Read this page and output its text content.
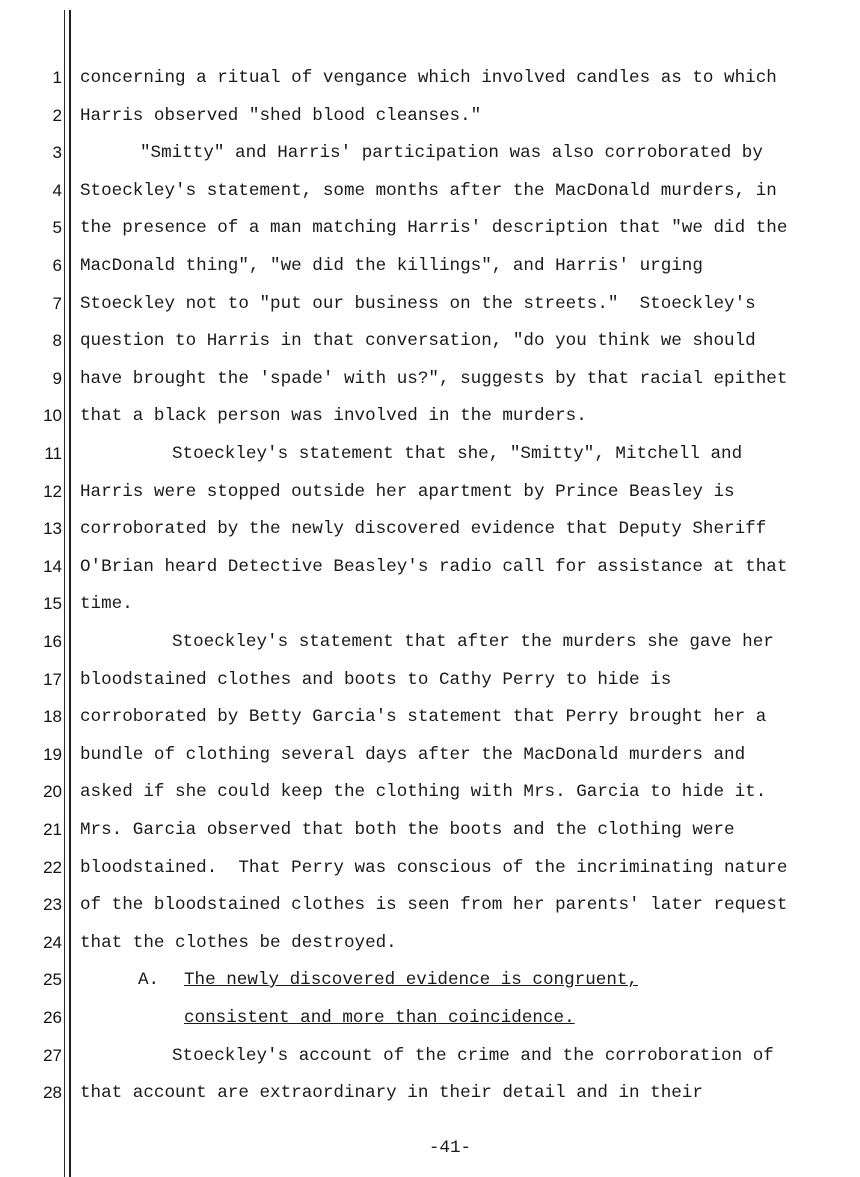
1
2
3
4
5
6
7
8
9
10
11
12
13
14
15
16
17
18
19
20
21
22
23
24
25
26
27
28
concerning a ritual of vengance which involved candles as to which
Harris observed "shed blood cleanses."
"Smitty" and Harris' participation was also corroborated by
Stoeckley's statement, some months after the MacDonald murders, in
the presence of a man matching Harris' description that "we did the
MacDonald thing", "we did the killings", and Harris' urging
Stoeckley not to "put our business on the streets."  Stoeckley's
question to Harris in that conversation, "do you think we should
have brought the 'spade' with us?", suggests by that racial epithet
that a black person was involved in the murders.
Stoeckley's statement that she, "Smitty", Mitchell and
Harris were stopped outside her apartment by Prince Beasley is
corroborated by the newly discovered evidence that Deputy Sheriff
O'Brian heard Detective Beasley's radio call for assistance at that
time.
Stoeckley's statement that after the murders she gave her
bloodstained clothes and boots to Cathy Perry to hide is
corroborated by Betty Garcia's statement that Perry brought her a
bundle of clothing several days after the MacDonald murders and
asked if she could keep the clothing with Mrs. Garcia to hide it.
Mrs. Garcia observed that both the boots and the clothing were
bloodstained.  That Perry was conscious of the incriminating nature
of the bloodstained clothes is seen from her parents' later request
that the clothes be destroyed.
A. The newly discovered evidence is congruent,
consistent and more than coincidence.
Stoeckley's account of the crime and the corroboration of
that account are extraordinary in their detail and in their
-41-
